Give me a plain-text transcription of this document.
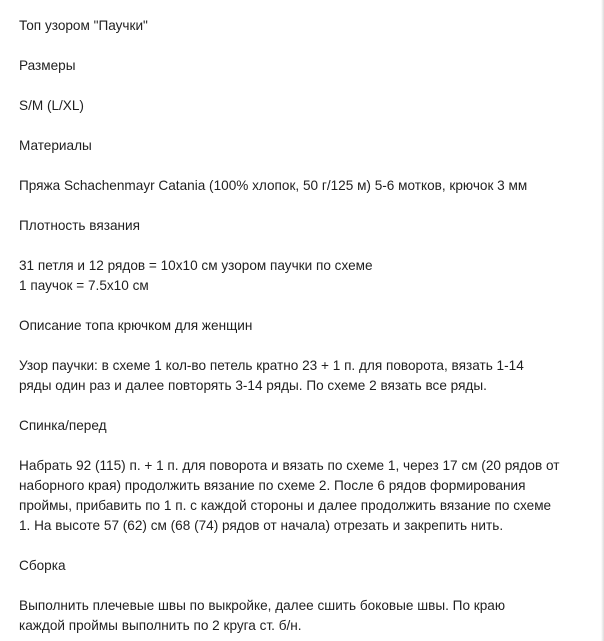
Топ узором "Паучки"
Размеры
S/M (L/XL)
Материалы
Пряжа Schachenmayr Catania (100% хлопок, 50 г/125 м) 5-6 мотков, крючок 3 мм
Плотность вязания
31 петля и 12 рядов = 10х10 см узором паучки по схеме
1 паучок = 7.5х10 см
Описание топа крючком для женщин
Узор паучки: в схеме 1 кол-во петель кратно 23 + 1 п. для поворота, вязать 1-14
ряды один раз и далее повторять 3-14 ряды. По схеме 2 вязать все ряды.
Спинка/перед
Набрать 92 (115) п. + 1 п. для поворота и вязать по схеме 1, через 17 см (20 рядов от
наборного края) продолжить вязание по схеме 2. После 6 рядов формирования
проймы, прибавить по 1 п. с каждой стороны и далее продолжить вязание по схеме
1. На высоте 57 (62) см (68 (74) рядов от начала) отрезать и закрепить нить.
Сборка
Выполнить плечевые швы по выкройке, далее сшить боковые швы. По краю
каждой проймы выполнить по 2 круга ст. б/н.
